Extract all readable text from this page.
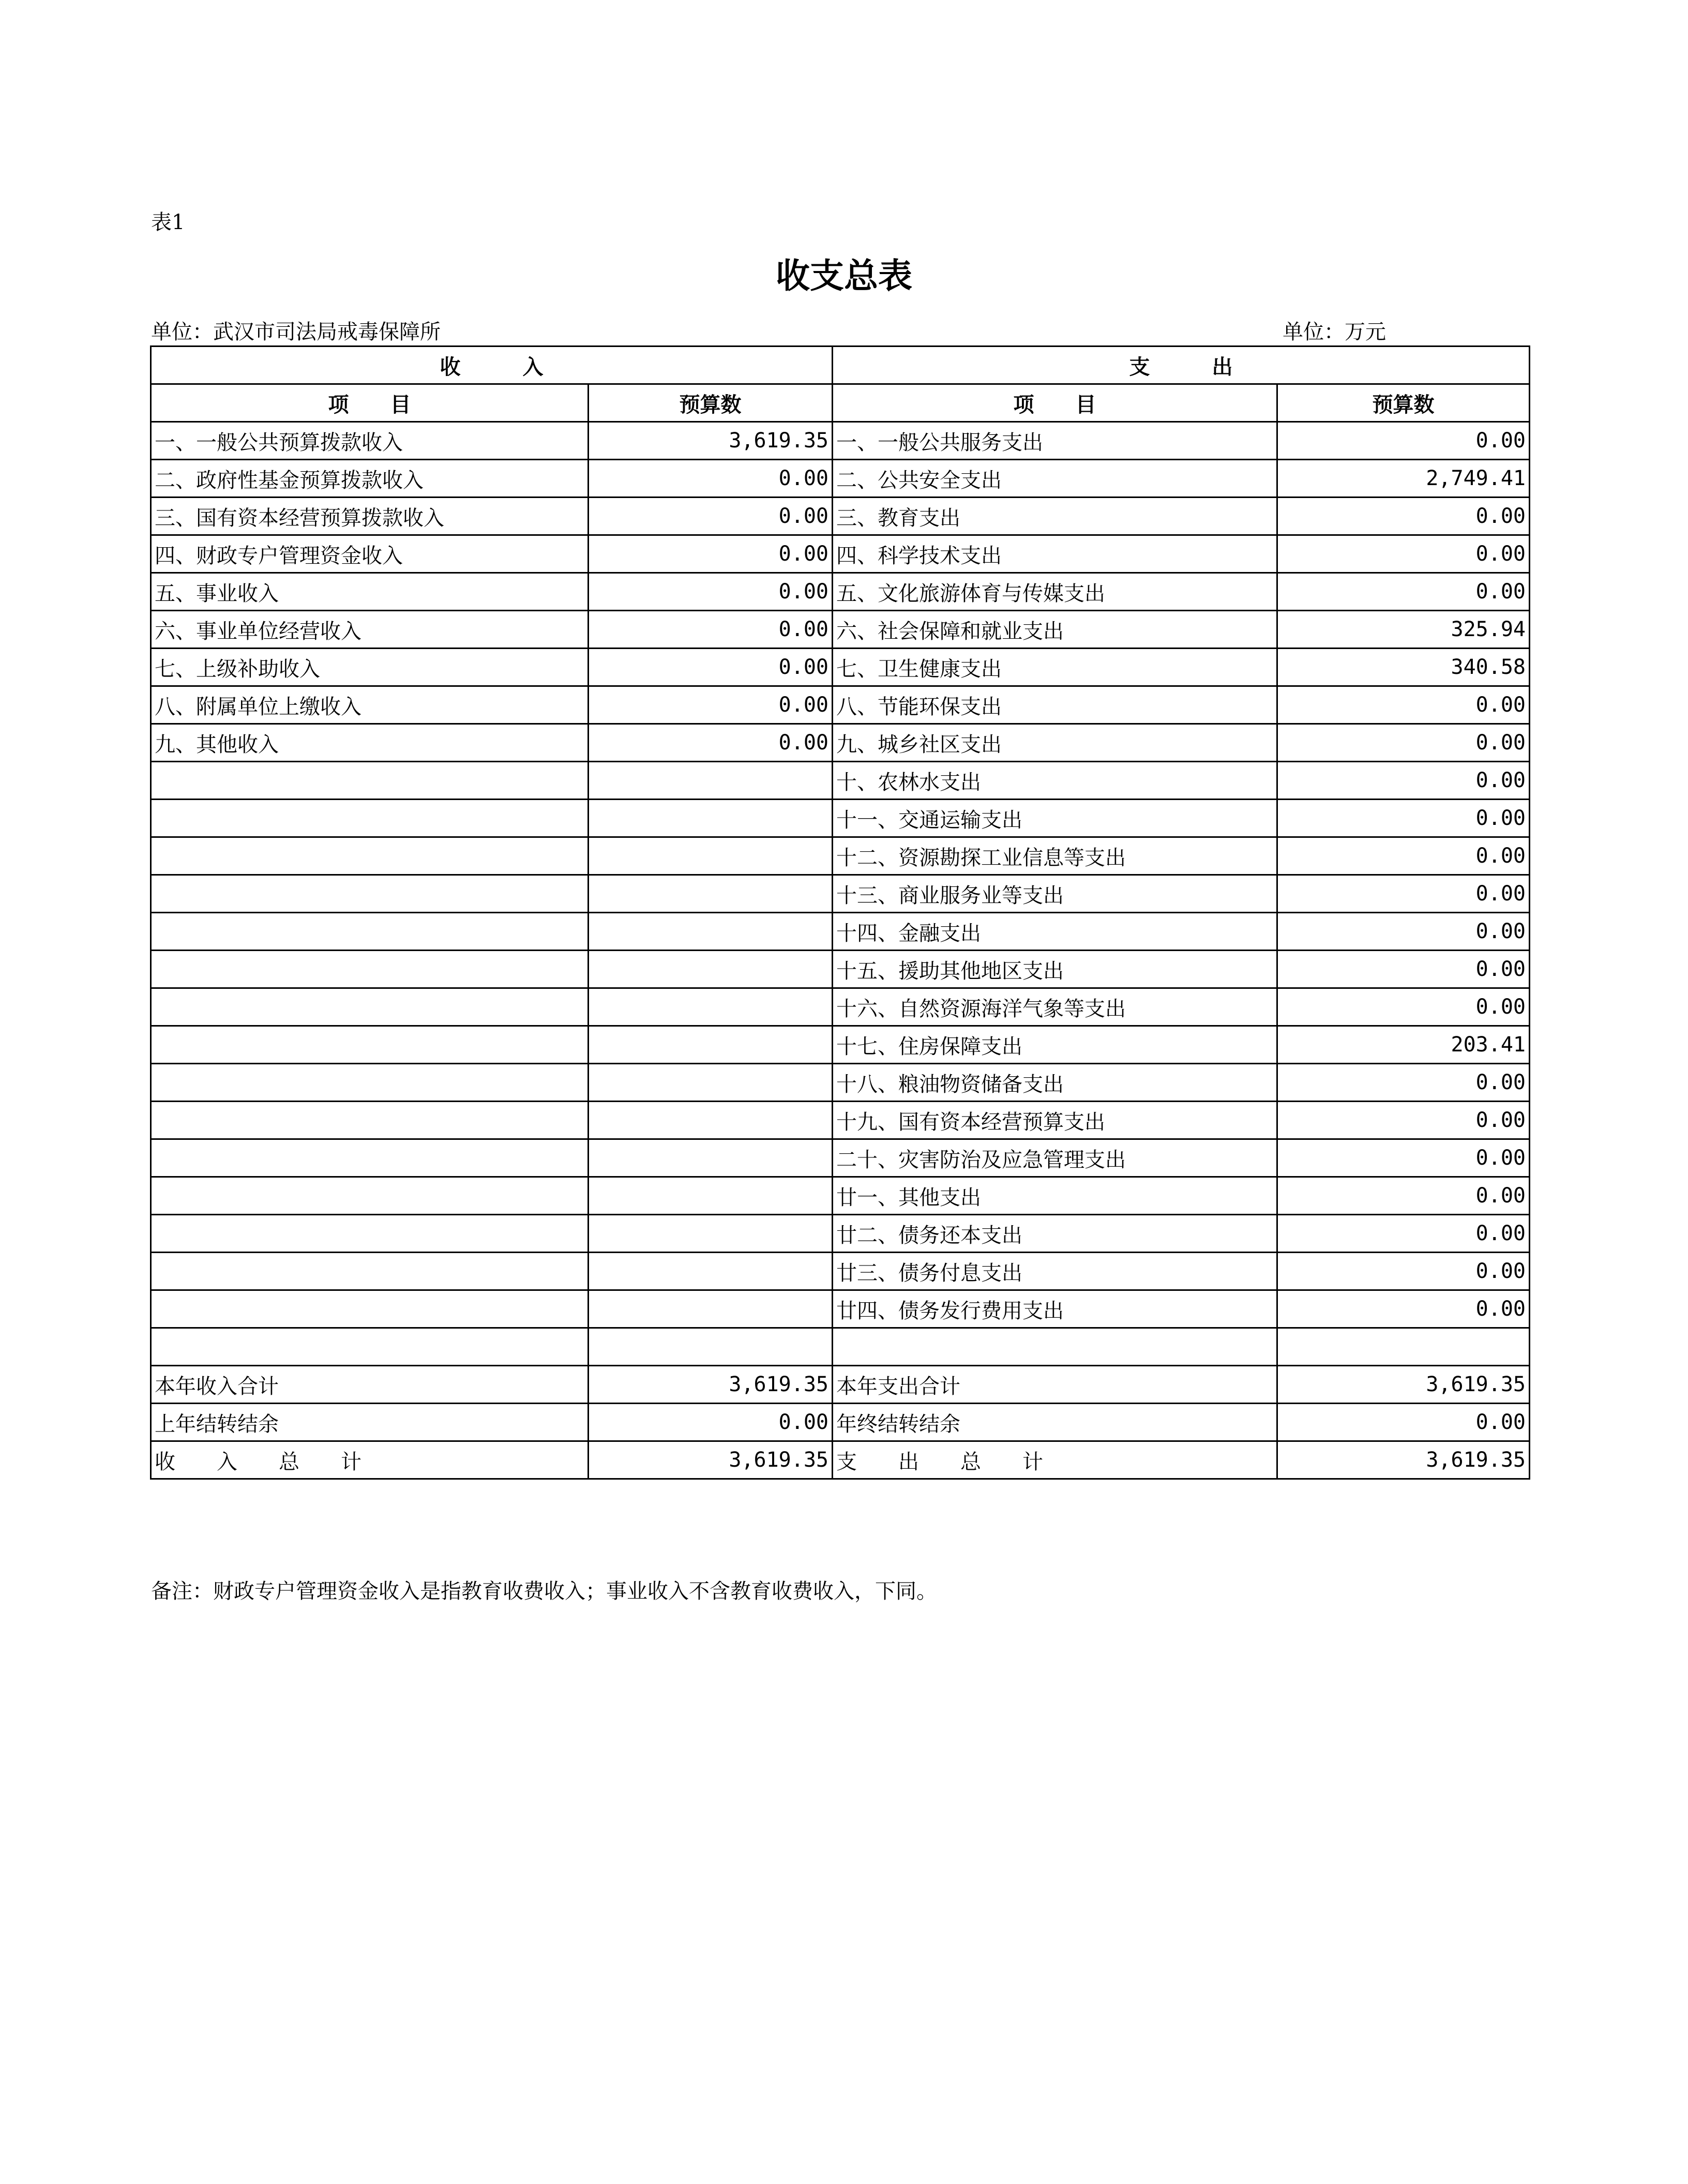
表1
收支总表
单位：武汉市司法局戒毒保障所	单位：万元
收　　　入		支　　　出	
项　　目	预算数	项　　目	预算数
一、一般公共预算拨款收入	3,619.35	一、一般公共服务支出	0.00
二、政府性基金预算拨款收入	0.00	二、公共安全支出	2,749.41
三、国有资本经营预算拨款收入	0.00	三、教育支出	0.00
四、财政专户管理资金收入	0.00	四、科学技术支出	0.00
五、事业收入	0.00	五、文化旅游体育与传媒支出	0.00
六、事业单位经营收入	0.00	六、社会保障和就业支出	325.94
七、上级补助收入	0.00	七、卫生健康支出	340.58
八、附属单位上缴收入	0.00	八、节能环保支出	0.00
九、其他收入	0.00	九、城乡社区支出	0.00
		十、农林水支出	0.00
		十一、交通运输支出	0.00
		十二、资源勘探工业信息等支出	0.00
		十三、商业服务业等支出	0.00
		十四、金融支出	0.00
		十五、援助其他地区支出	0.00
		十六、自然资源海洋气象等支出	0.00
		十七、住房保障支出	203.41
		十八、粮油物资储备支出	0.00
		十九、国有资本经营预算支出	0.00
		二十、灾害防治及应急管理支出	0.00
		廿一、其他支出	0.00
		廿二、债务还本支出	0.00
		廿三、债务付息支出	0.00
		廿四、债务发行费用支出	0.00

本年收入合计	3,619.35	本年支出合计	3,619.35
上年结转结余	0.00	年终结转结余	0.00
收　　入　　总　　计	3,619.35	支　　出　　总　　计	3,619.35
备注：财政专户管理资金收入是指教育收费收入；事业收入不含教育收费收入，下同。
